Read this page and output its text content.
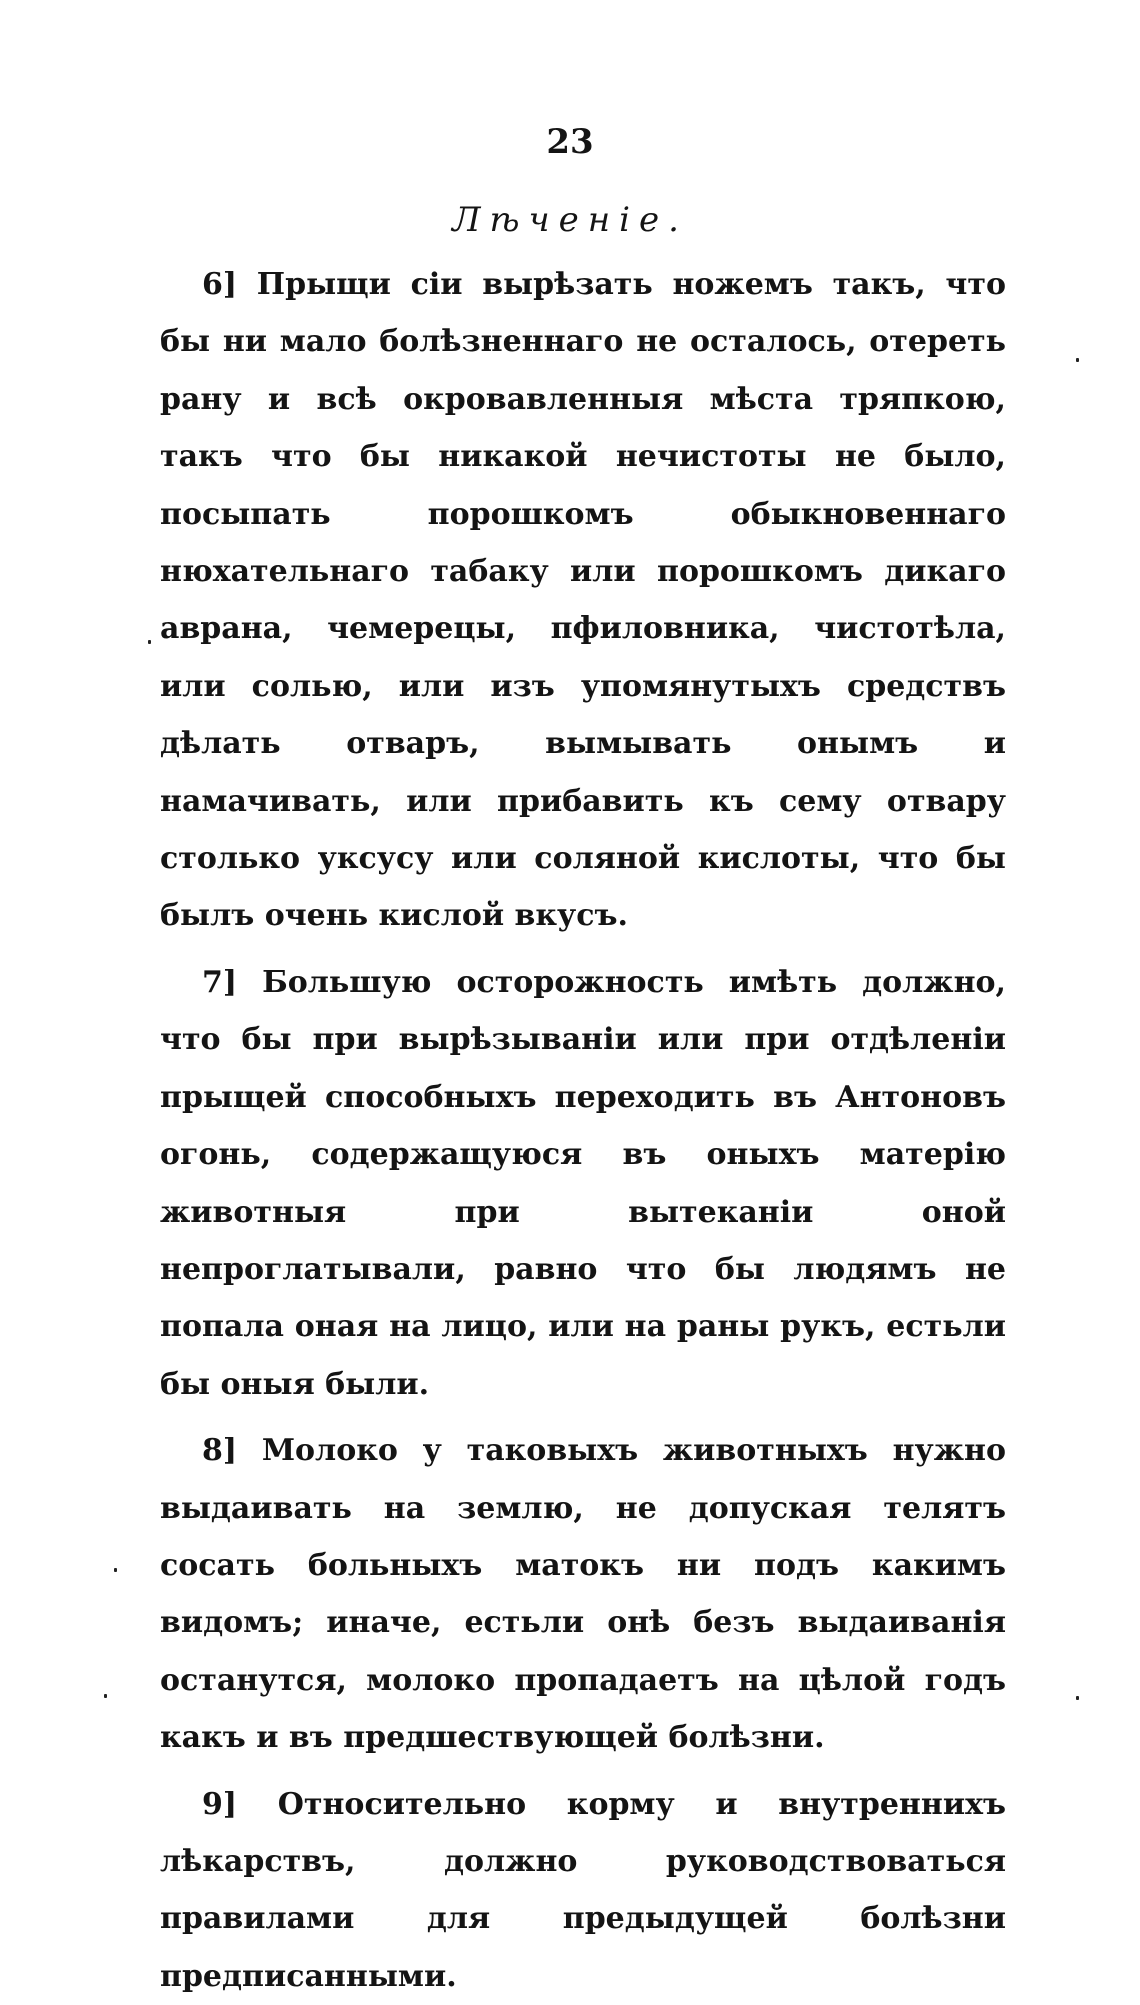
23
Лѣченіе.

6] Прыщи сіи вырѣзать ножемъ такъ, что бы ни мало болѣзненнаго не осталось, отереть рану и всѣ окровавленныя мѣста тряпкою, такъ что бы никакой нечистоты не было, посыпать порошкомъ обыкновеннаго нюхательнаго табаку или порошкомъ дикаго аврана, чемерецы, пфиловника, чистотѣла, или солью, или изъ упомянутыхъ средствъ дѣлать отваръ, вымывать онымъ и намачивать, или прибавить къ сему отвару столько уксусу или соляной кислоты, что бы былъ очень кислой вкусъ.

7] Большую осторожность имѣть должно, что бы при вырѣзываніи или при отдѣленіи прыщей способныхъ переходить въ Антоновъ огонь, содержащуюся въ оныхъ матерію животныя при вытеканіи оной непроглатывали, равно что бы людямъ не попала оная на лицо, или на раны рукъ, естьли бы оныя были.

8] Молоко у таковыхъ животныхъ нужно выдаивать на землю, не допуская телятъ сосать больныхъ матокъ ни подъ какимъ видомъ; иначе, естьли онѣ безъ выдаиванія останутся, молоко пропадаетъ на цѣлой годъ какъ и въ предшествующей болѣзни.

9] Относительно корму и внутреннихъ лѣкарствъ, должно руководствоваться правилами для предыдущей болѣзни предписанными.
